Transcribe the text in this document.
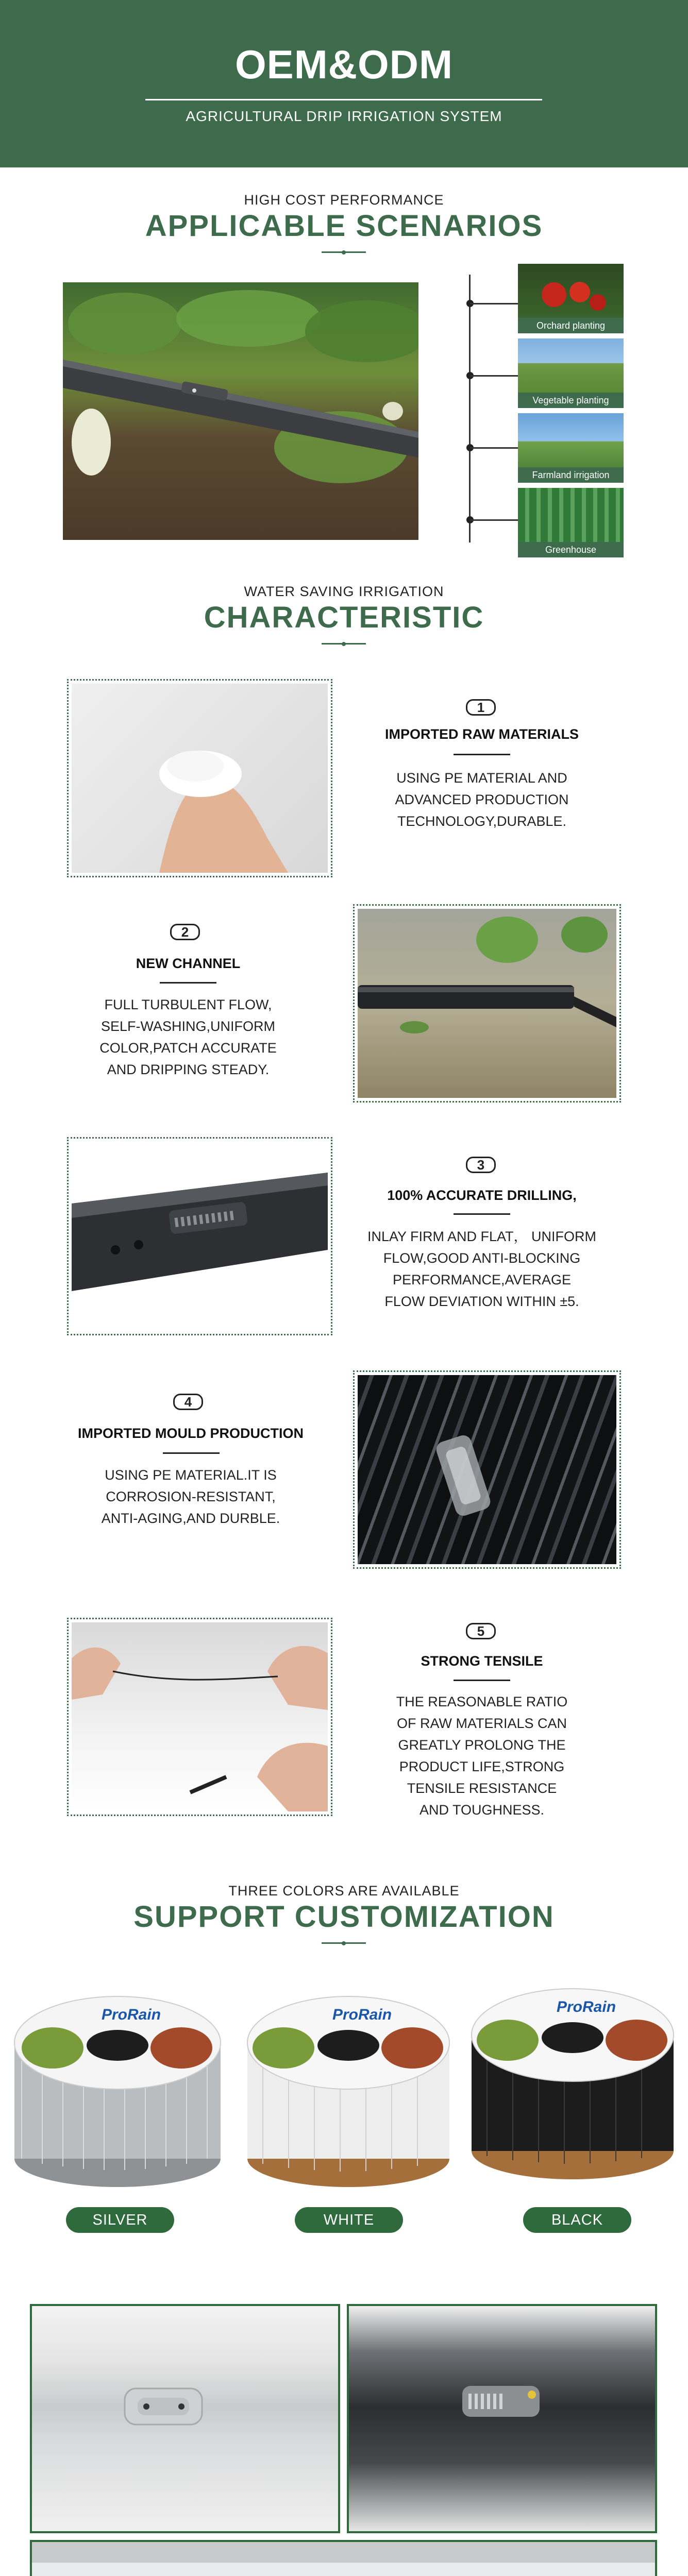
OEM&ODM
AGRICULTURAL DRIP IRRIGATION SYSTEM
HIGH COST PERFORMANCE
APPLICABLE SCENARIOS
Orchard planting
Vegetable planting
Farmland irrigation
Greenhouse
WATER SAVING IRRIGATION
CHARACTERISTIC
1
IMPORTED RAW MATERIALS
USING PE MATERIAL AND
ADVANCED PRODUCTION
TECHNOLOGY,DURABLE.
2
NEW CHANNEL
FULL TURBULENT FLOW,
SELF-WASHING,UNIFORM
COLOR,PATCH ACCURATE
AND DRIPPING STEADY.
3
100% ACCURATE DRILLING,
INLAY FIRM AND FLAT， UNIFORM
FLOW,GOOD ANTI-BLOCKING
PERFORMANCE,AVERAGE
FLOW DEVIATION WITHIN ±5.
4
IMPORTED MOULD PRODUCTION
USING PE MATERIAL.IT IS
CORROSION-RESISTANT,
ANTI-AGING,AND DURBLE.
5
STRONG TENSILE
THE REASONABLE RATIO
OF RAW MATERIALS CAN
GREATLY PROLONG THE
PRODUCT LIFE,STRONG
TENSILE RESISTANCE
AND TOUGHNESS.
THREE COLORS ARE AVAILABLE
SUPPORT CUSTOMIZATION
ProRain	ProRain	ProRain
SILVER	WHITE	BLACK
